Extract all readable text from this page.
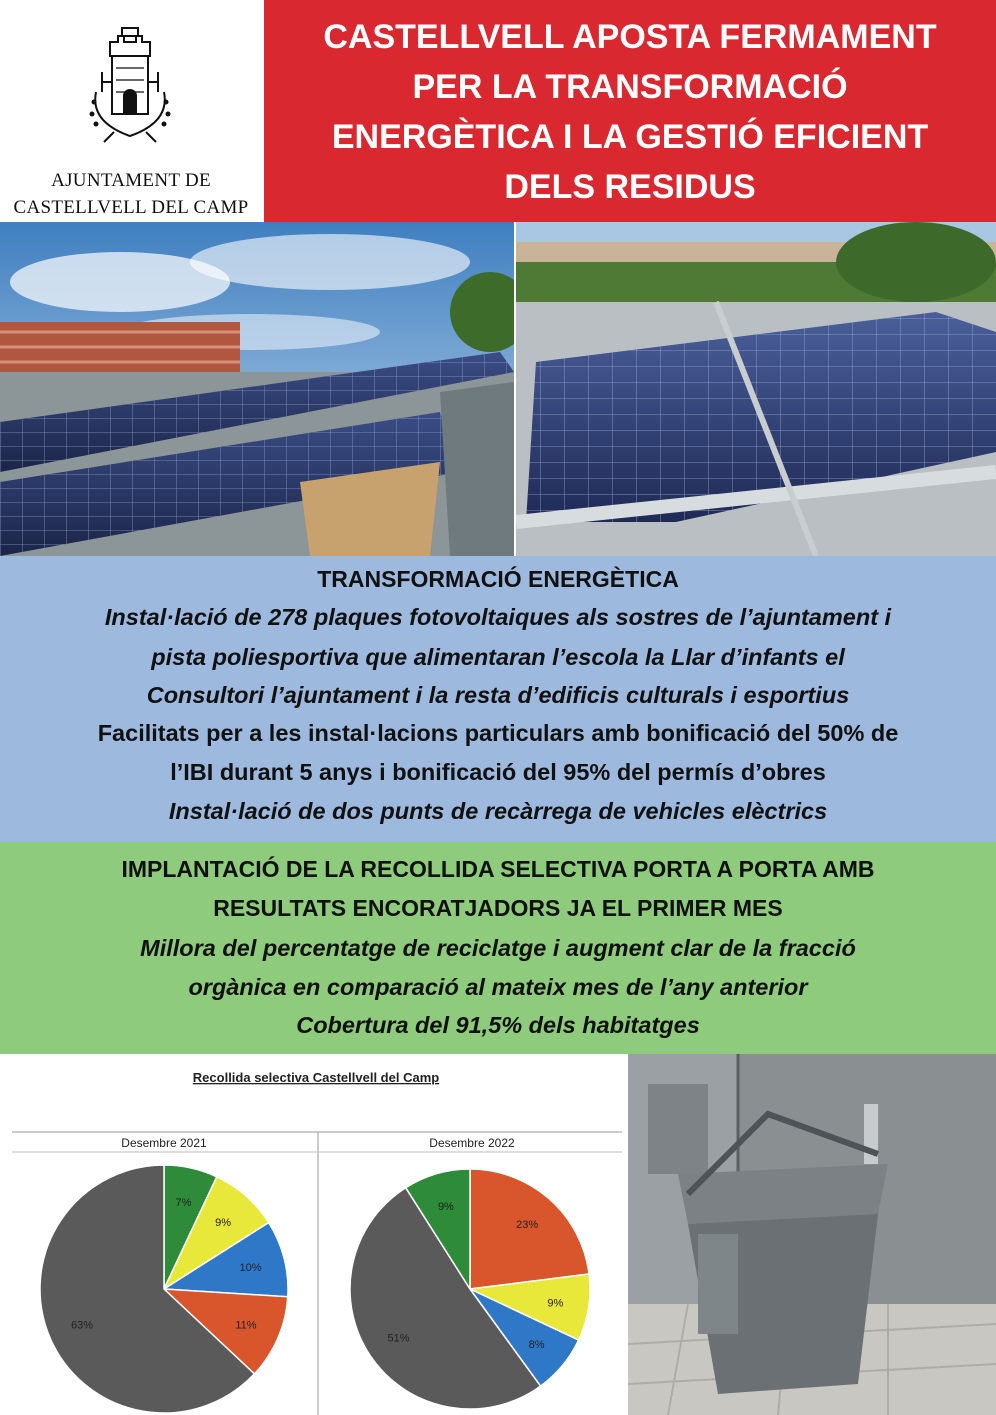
AJUNTAMENT DE
CASTELLVELL DEL CAMP
CASTELLVELL APOSTA FERMAMENT
PER LA TRANSFORMACIÓ
ENERGÈTICA I LA GESTIÓ EFICIENT
DELS RESIDUS
TRANSFORMACIÓ ENERGÈTICA
Instal·lació de 278 plaques fotovoltaiques als sostres de l’ajuntament i
pista poliesportiva que alimentaran l’escola la Llar d’infants el
Consultori l’ajuntament i la resta d’edificis culturals i esportius
Facilitats per a les instal·lacions particulars amb bonificació del 50% de
l’IBI durant 5 anys i bonificació del 95% del permís d’obres
Instal·lació de dos punts de recàrrega de vehicles elèctrics
IMPLANTACIÓ DE LA RECOLLIDA SELECTIVA PORTA A PORTA AMB
RESULTATS ENCORATJADORS JA EL PRIMER MES
Millora del percentatge de reciclatge i augment clar de la fracció
orgànica en comparació al mateix mes de l’any anterior
Cobertura del 91,5% dels habitatges
Recollida selectiva Castellvell del Camp
Desembre 2021	Desembre 2022
7%
9%
10%
11%
63%
23%
9%
8%
51%
9%
